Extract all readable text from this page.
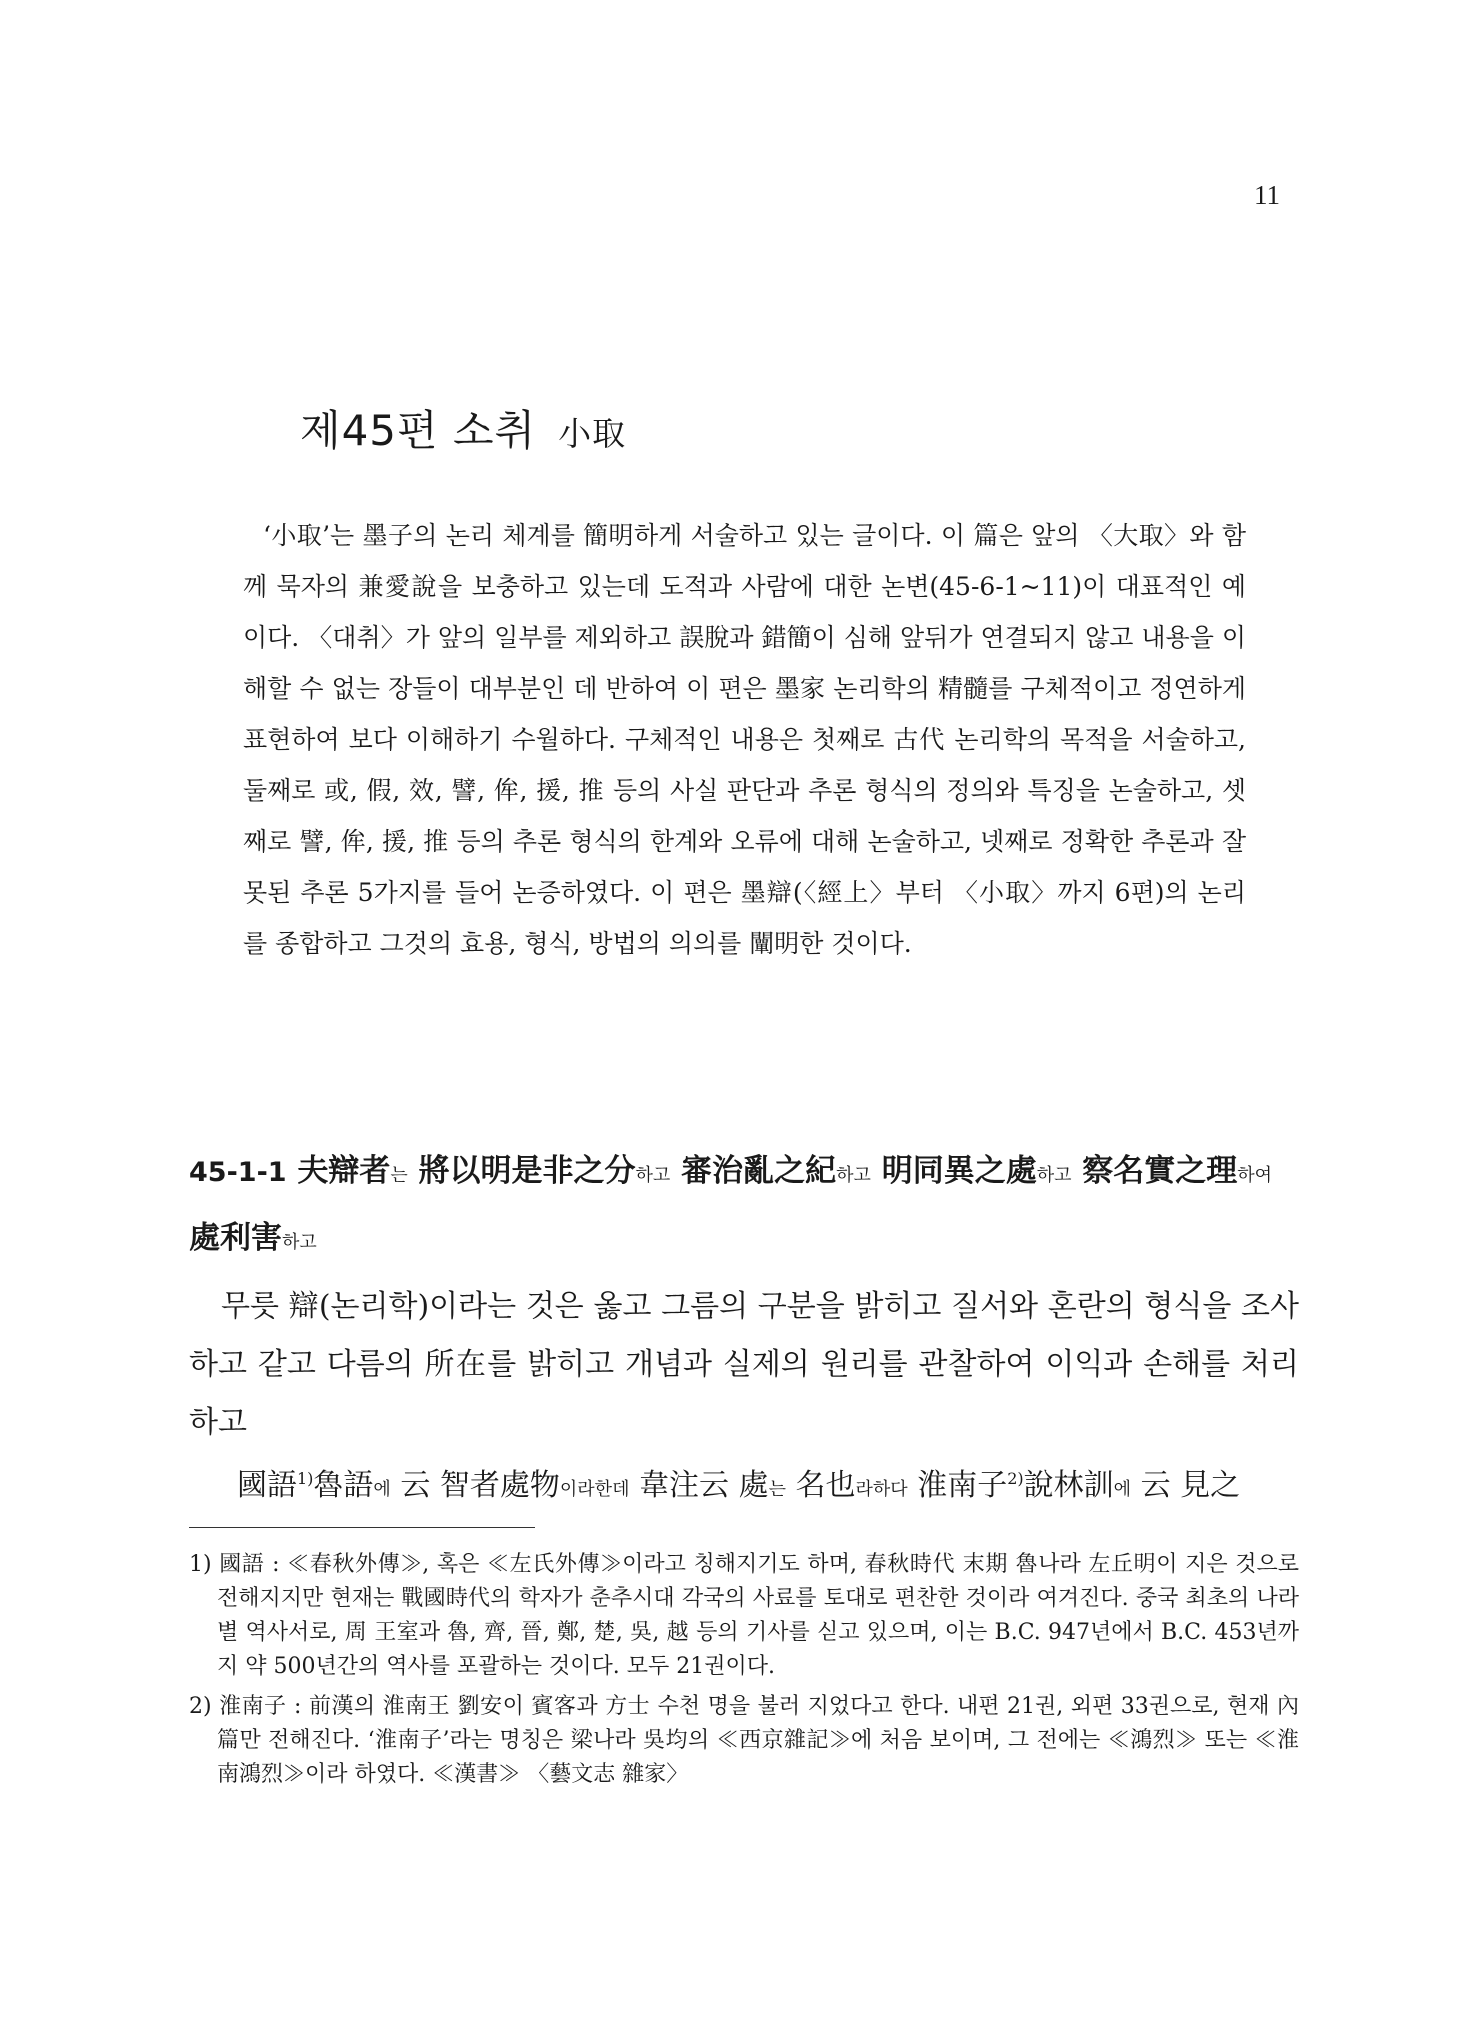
11
제45편 소취 小取

‘小取’는 墨子의 논리 체계를 簡明하게 서술하고 있는 글이다. 이 篇은 앞의 〈大取〉와 함께 묵자의 兼愛說을 보충하고 있는데 도적과 사람에 대한 논변(45-6-1~11)이 대표적인 예이다. 〈대취〉가 앞의 일부를 제외하고 誤脫과 錯簡이 심해 앞뒤가 연결되지 않고 내용을 이해할 수 없는 장들이 대부분인 데 반하여 이 편은 墨家 논리학의 精髓를 구체적이고 정연하게 표현하여 보다 이해하기 수월하다. 구체적인 내용은 첫째로 古代 논리학의 목적을 서술하고, 둘째로 或, 假, 效, 譬, 侔, 援, 推 등의 사실 판단과 추론 형식의 정의와 특징을 논술하고, 셋째로 譬, 侔, 援, 推 등의 추론 형식의 한계와 오류에 대해 논술하고, 넷째로 정확한 추론과 잘못된 추론 5가지를 들어 논증하였다. 이 편은 墨辯(〈經上〉부터 〈小取〉까지 6편)의 논리를 종합하고 그것의 효용, 형식, 방법의 의의를 闡明한 것이다.

45-1-1 夫辯者는 將以明是非之分하고 審治亂之紀하고 明同異之處하고 察名實之理하여 處利害하고

무릇 辯(논리학)이라는 것은 옳고 그름의 구분을 밝히고 질서와 혼란의 형식을 조사하고 같고 다름의 所在를 밝히고 개념과 실제의 원리를 관찰하여 이익과 손해를 처리하고

國語$^{1)}$魯語에 云 智者處物이라한데 韋注云 處는 名也라하다 淮南子$^{2)}$說林訓에 云 見之

1) 國語 : ≪春秋外傳≫, 혹은 ≪左氏外傳≫이라고 칭해지기도 하며, 春秋時代 末期 魯나라 左丘明이 지은 것으로 전해지지만 현재는 戰國時代의 학자가 춘추시대 각국의 사료를 토대로 편찬한 것이라 여겨진다. 중국 최초의 나라별 역사서로, 周 王室과 魯, 齊, 晉, 鄭, 楚, 吳, 越 등의 기사를 싣고 있으며, 이는 B.C. 947년에서 B.C. 453년까지 약 500년간의 역사를 포괄하는 것이다. 모두 21권이다.

2) 淮南子 : 前漢의 淮南王 劉安이 賓客과 方士 수천 명을 불러 지었다고 한다. 내편 21권, 외편 33권으로, 현재 內篇만 전해진다. ‘淮南子’라는 명칭은 梁나라 吳均의 ≪西京雜記≫에 처음 보이며, 그 전에는 ≪鴻烈≫ 또는 ≪淮南鴻烈≫이라 하였다. ≪漢書≫ 〈藝文志 雜家〉
